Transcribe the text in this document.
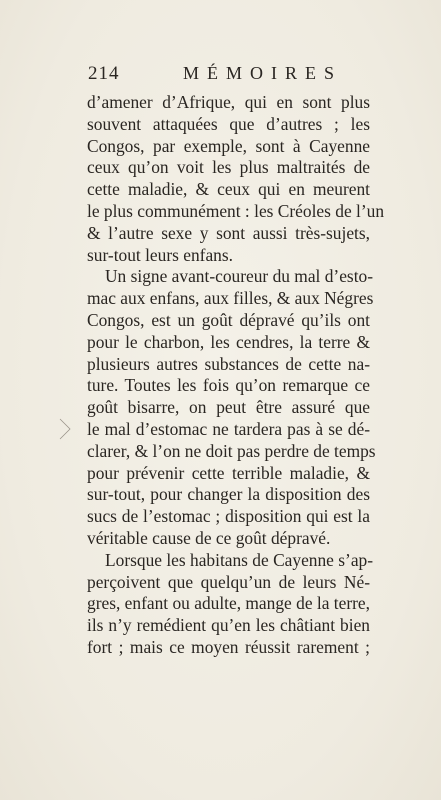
214	MÉMOIRES
d’amener d’Afrique, qui en sont plus
souvent attaquées que d’autres ; les
Congos, par exemple, sont à Cayenne
ceux qu’on voit les plus maltraités de
cette maladie, & ceux qui en meurent
le plus communément : les Créoles de l’un
& l’autre sexe y sont aussi très-sujets,
sur-tout leurs enfans.
Un signe avant-coureur du mal d’esto-
mac aux enfans, aux filles, & aux Négres
Congos, est un goût dépravé qu’ils ont
pour le charbon, les cendres, la terre &
plusieurs autres substances de cette na-
ture. Toutes les fois qu’on remarque ce
goût bisarre, on peut être assuré que
le mal d’estomac ne tardera pas à se dé-
clarer, & l’on ne doit pas perdre de temps
pour prévenir cette terrible maladie, &
sur-tout, pour changer la disposition des
sucs de l’estomac ; disposition qui est la
véritable cause de ce goût dépravé.
Lorsque les habitans de Cayenne s’ap-
perçoivent que quelqu’un de leurs Né-
gres, enfant ou adulte, mange de la terre,
ils n’y remédient qu’en les châtiant bien
fort ; mais ce moyen réussit rarement ;
